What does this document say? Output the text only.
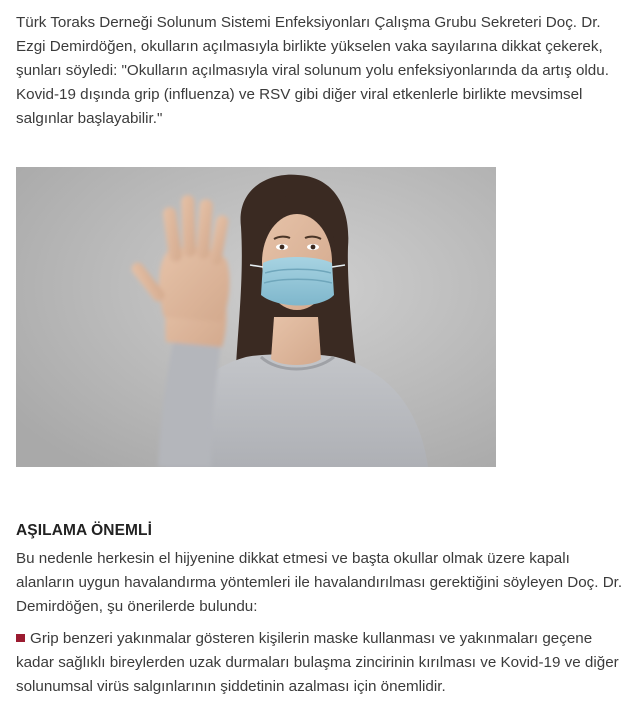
Türk Toraks Derneği Solunum Sistemi Enfeksiyonları Çalışma Grubu Sekreteri Doç. Dr. Ezgi Demirdöğen, okulların açılmasıyla birlikte yükselen vaka sayılarına dikkat çekerek, şunları söyledi: "Okulların açılmasıyla viral solunum yolu enfeksiyonlarında da artış oldu. Kovid-19 dışında grip (influenza) ve RSV gibi diğer viral etkenlerle birlikte mevsimsel salgınlar başlayabilir."

AŞILAMA ÖNEMLİ

Bu nedenle herkesin el hijyenine dikkat etmesi ve başta okullar olmak üzere kapalı alanların uygun havalandırma yöntemleri ile havalandırılması gerektiğini söyleyen Doç. Dr. Demirdöğen, şu önerilerde bulundu:

Grip benzeri yakınmalar gösteren kişilerin maske kullanması ve yakınmaları geçene kadar sağlıklı bireylerden uzak durmaları bulaşma zincirinin kırılması ve Kovid-19 ve diğer solunumsal virüs salgınlarının şiddetinin azalması için önemlidir.
